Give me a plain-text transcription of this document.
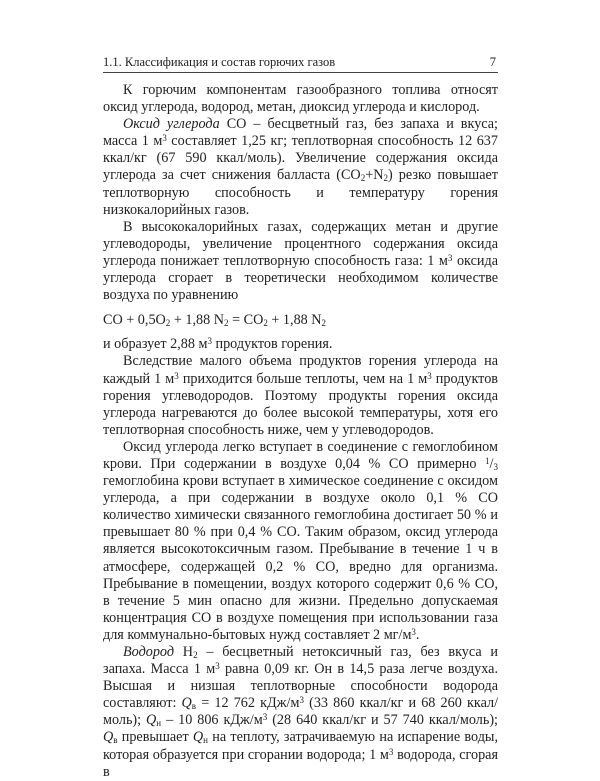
1.1. Классификация и состав горючих газов	7

К горючим компонентам газообразного топлива относят оксид углерода, водород, метан, диоксид углерода и кислород.

Оксид углерода СО – бесцветный газ, без запаха и вкуса; масса 1 $м^3$ составляет 1,25 кг; теплотворная способность 12 637 ккал/кг (67 590 ккал/моль). Увеличение содержания оксида углерода за счет снижения балласта $(СО_2+N_2)$ резко повышает теплотворную способность и температуру горения низкокалорийных газов.

В высококалорийных газах, содержащих метан и другие углеводороды, увеличение процентного содержания оксида углерода понижает теплотворную способность газа: 1 $м^3$ оксида углерода сгорает в теоретически необходимом количестве воздуха по уравнению

СО + $0,5О_2 + 1,88$ $N_2 = СО_2 + 1,88$ $N_2$

и образует 2,88 $м^3$ продуктов горения.

Вследствие малого объема продуктов горения углерода на каждый 1 $м^3$ приходится больше теплоты, чем на 1 $м^3$ продуктов горения углеводородов. Поэтому продукты горения оксида углерода нагреваются до более высокой температуры, хотя его теплотворная способность ниже, чем у углеводородов.

Оксид углерода легко вступает в соединение с гемоглобином крови. При содержании в воздухе 0,04 % СО примерно $^1/_3$ гемоглобина крови вступает в химическое соединение с оксидом углерода, а при содержании в воздухе около 0,1 % СО количество химически связанного гемоглобина достигает 50 % и превышает 80 % при 0,4 % СО. Таким образом, оксид углерода является высокотоксичным газом. Пребывание в течение 1 ч в атмосфере, содержащей 0,2 % СО, вредно для организма. Пребывание в помещении, воздух которого содержит 0,6 % СО, в течение 5 мин опасно для жизни. Предельно допускаемая концентрация СО в воздухе помещения при использовании газа для коммунально-бытовых нужд составляет 2 $мг/м^3$.

Водород $Н_2$ – бесцветный нетоксичный газ, без вкуса и запаха. Масса 1 $м^3$ равна 0,09 кг. Он в 14,5 раза легче воздуха. Высшая и низшая теплотворные способности водорода составляют: $Q_в = 12$ 762 кДж/$м^3$ (33 860 ккал/кг и 68 260 ккал/моль); $Q_н - 10$ 806 кДж/$м^3$ (28 640 ккал/кг и 57 740 ккал/моль); $Q_в$ превышает $Q_н$ на теплоту, затрачиваемую на испарение воды, которая образуется при сгорании водорода; 1 $м^3$ водорода, сгорая в
